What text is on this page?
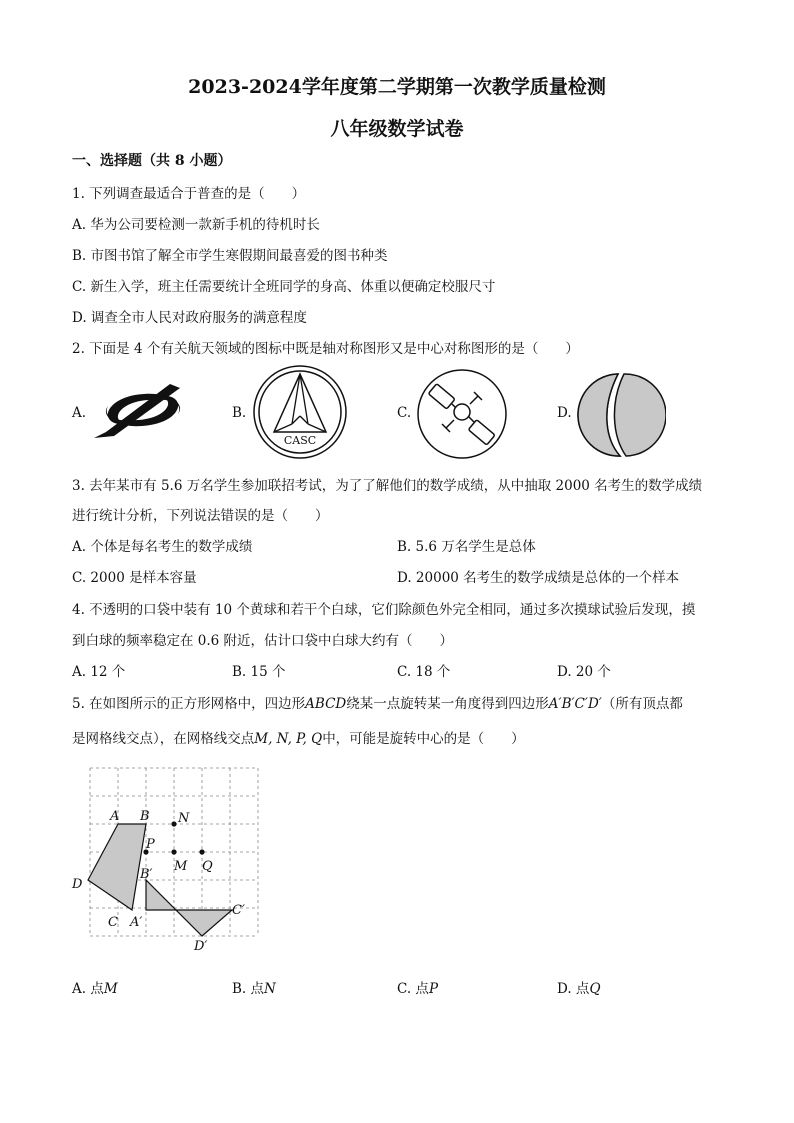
2023-2024学年度第二学期第一次教学质量检测
八年级数学试卷
一、选择题（共 8 小题）
1. 下列调查最适合于普查的是（　　）
A. 华为公司要检测一款新手机的待机时长
B. 市图书馆了解全市学生寒假期间最喜爱的图书种类
C. 新生入学，班主任需要统计全班同学的身高、体重以便确定校服尺寸
D. 调查全市人民对政府服务的满意程度
2. 下面是 4 个有关航天领域的图标中既是轴对称图形又是中心对称图形的是（　　）
A.	B.
CASC
C.	D.
3. 去年某市有 5.6 万名学生参加联招考试，为了了解他们的数学成绩，从中抽取 2000 名考生的数学成绩
进行统计分析，下列说法错误的是（　　）
A. 个体是每名考生的数学成绩	B. 5.6 万名学生是总体
C. 2000 是样本容量	D. 20000 名考生的数学成绩是总体的一个样本
4. 不透明的口袋中装有 10 个黄球和若干个白球，它们除颜色外完全相同，通过多次摸球试验后发现，摸
到白球的频率稳定在 0.6 附近，估计口袋中白球大约有（　　）
A. 12 个	B. 15 个	C. 18 个	D. 20 个
5. 在如图所示的正方形网格中，四边形ABCD绕某一点旋转某一角度得到四边形A′B′C′D′（所有顶点都
是网格线交点），在网格线交点M, N, P, Q中，可能是旋转中心的是（　　）
A B N
P
M Q
B′
D
C A′
C′
D′
A. 点M	B. 点N	C. 点P	D. 点Q
